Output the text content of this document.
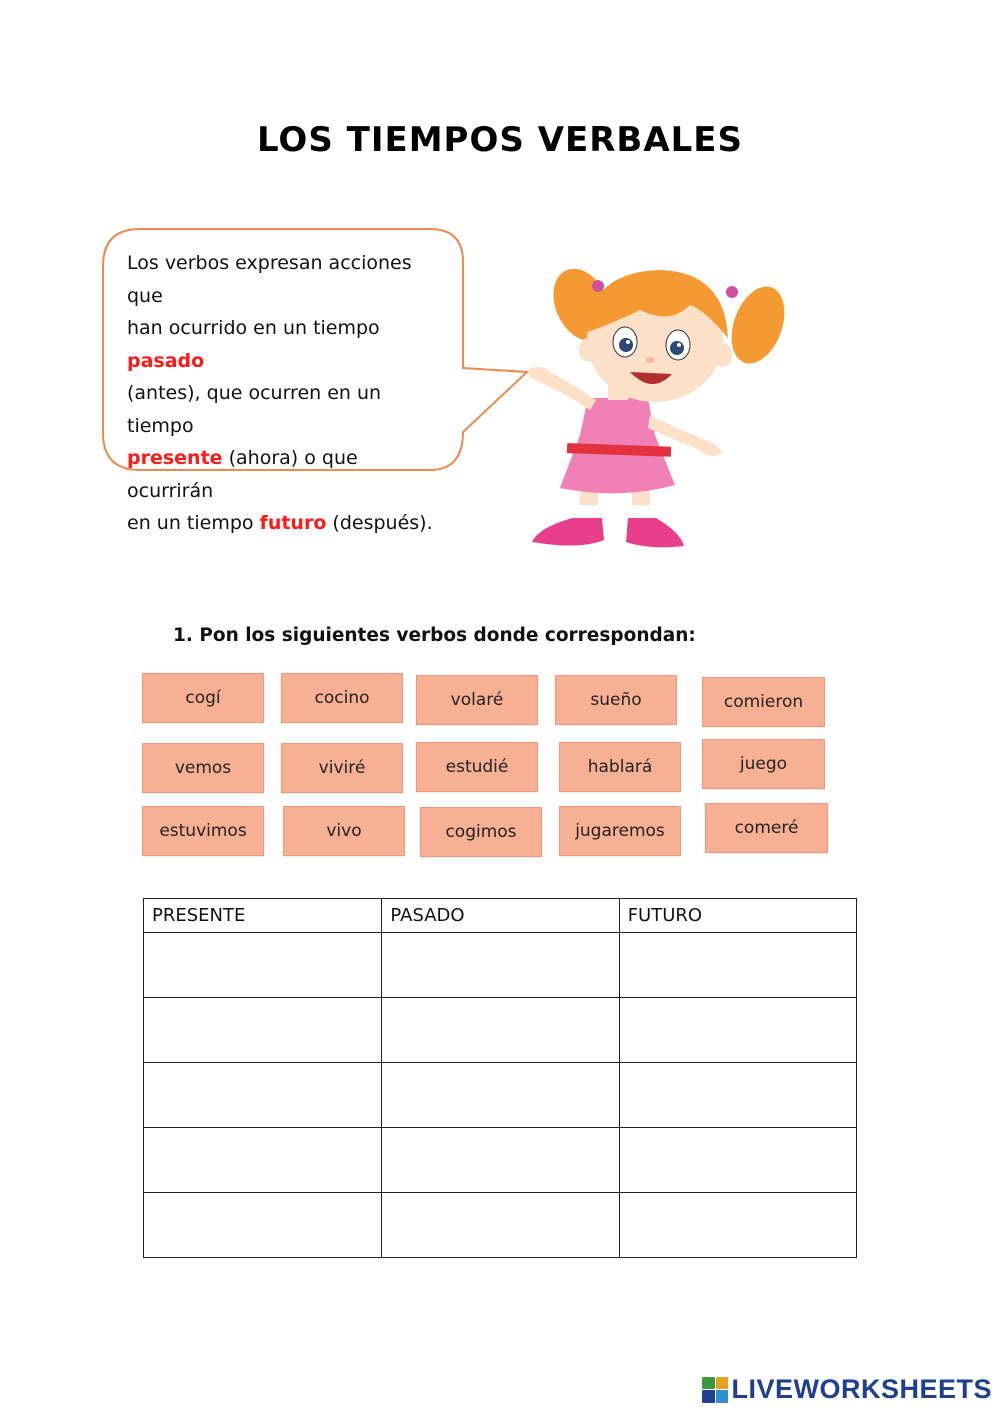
LOS TIEMPOS VERBALES
Los verbos expresan acciones que
han ocurrido en un tiempo pasado
(antes), que ocurren en un tiempo
presente (ahora) o que ocurrirán
en un tiempo futuro (después).
1. Pon los siguientes verbos donde correspondan:
cogí	cocino	volaré	sueño	comieron
vemos	viviré	estudié	hablará	juego
estuvimos	vivo	cogimos	jugaremos	comeré
PRESENTE	PASADO	FUTURO

LIVEWORKSHEETS
